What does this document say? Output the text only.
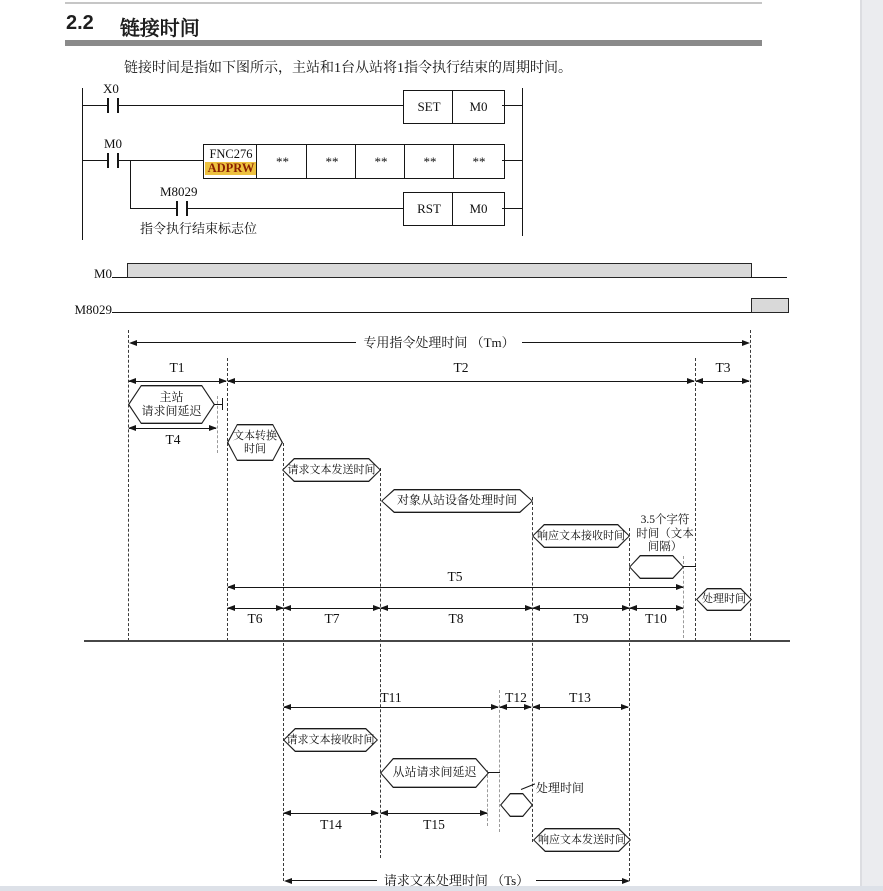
2.2 链接时间
链接时间是指如下图所示，主站和1台从站将1指令执行结束的周期时间。
X0
SET M0
M0
FNC276
ADPRW **	**	**	**	**
M8029
RST M0
指令执行结束标志位
M0
M8029
专用指令处理时间 （Tm）
T1	T2	T3
主站
请求间延迟
T4	文本转换
时间
请求文本发送时间
对象从站设备处理时间
响应文本接收时间
3.5个字符
时间（文本
间隔）
处理时间
T5
T6	T7	T8	T9	T10
T11	T12	T13
请求文本接收时间
从站请求间延迟
处理时间
T14	T15
响应文本发送时间
请求文本处理时间 （Ts）
